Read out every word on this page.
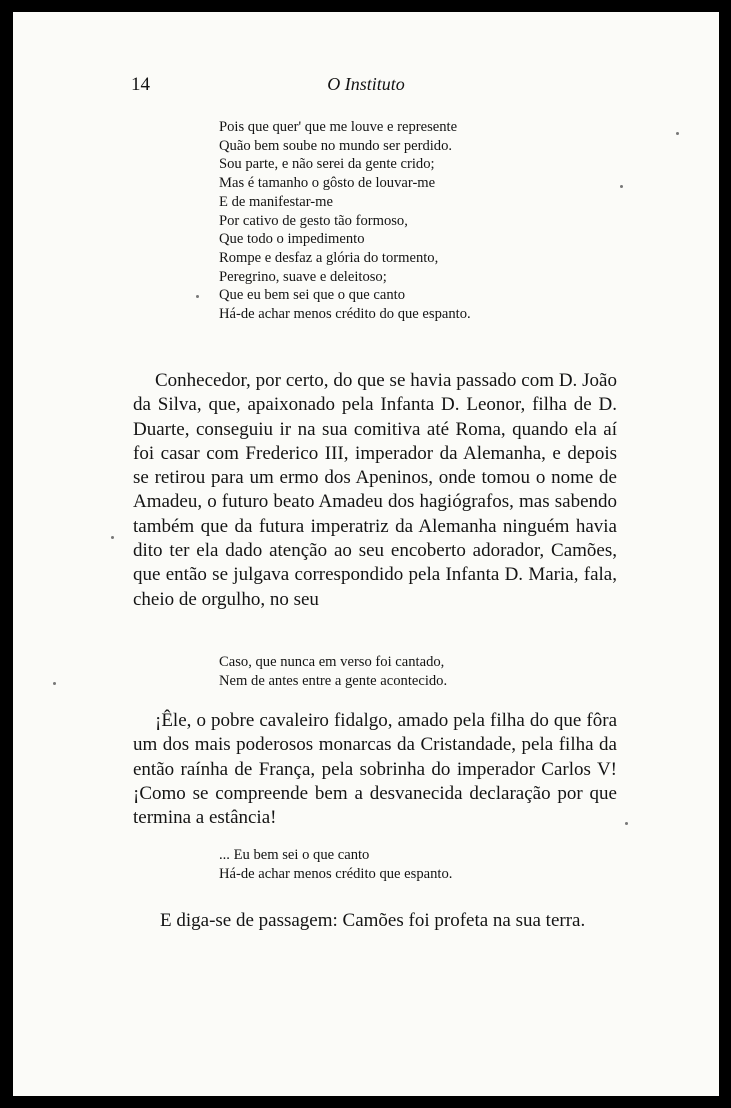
14	O Instituto
Pois que quer' que me louve e represente
Quão bem soube no mundo ser perdido.
Sou parte, e não serei da gente crido;
Mas é tamanho o gôsto de louvar-me
E de manifestar-me
Por cativo de gesto tão formoso,
Que todo o impedimento
Rompe e desfaz a glória do tormento,
Peregrino, suave e deleitoso;
Que eu bem sei que o que canto
Há-de achar menos crédito do que espanto.

Conhecedor, por certo, do que se havia passado com D. João da Silva, que, apaixonado pela Infanta D. Leonor, filha de D. Duarte, conseguiu ir na sua comitiva até Roma, quando ela aí foi casar com Frederico III, imperador da Alemanha, e depois se retirou para um ermo dos Apeninos, onde tomou o nome de Amadeu, o futuro beato Amadeu dos hagiógrafos, mas sabendo também que da futura imperatriz da Alemanha ninguém havia dito ter ela dado atenção ao seu encoberto adorador, Camões, que então se julgava correspondido pela Infanta D. Maria, fala, cheio de orgulho, no seu

Caso, que nunca em verso foi cantado,
Nem de antes entre a gente acontecido.

¡Êle, o pobre cavaleiro fidalgo, amado pela filha do que fôra um dos mais poderosos monarcas da Cristandade, pela filha da então raínha de França, pela sobrinha do imperador Carlos V! ¡Como se compreende bem a desvanecida declaração por que termina a estância!

... Eu bem sei o que canto
Há-de achar menos crédito que espanto.
E diga-se de passagem: Camões foi profeta na sua terra.
